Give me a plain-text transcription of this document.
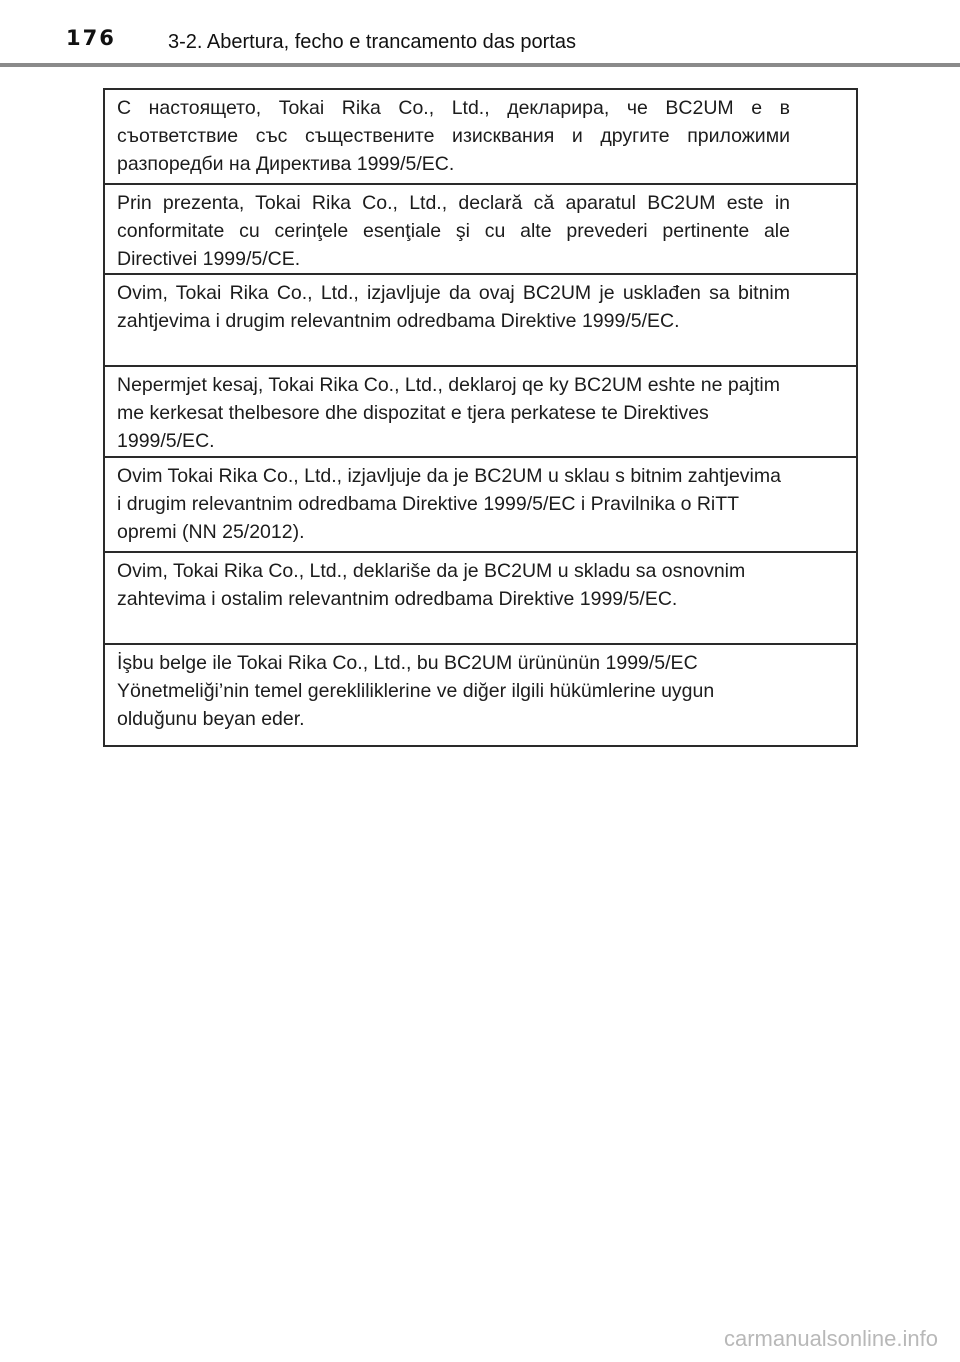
176	3-2. Abertura, fecho e trancamento das portas
С настоящето, Tokai Rika Co., Ltd., декларира, че BC2UM е в съответствие със съществените изисквания и другите приложими разпоредби на Директива 1999/5/EC.
Prin prezenta, Tokai Rika Co., Ltd., declară că aparatul BC2UM este in conformitate cu cerinţele esenţiale şi cu alte prevederi pertinente ale Directivei 1999/5/CE.
Ovim, Tokai Rika Co., Ltd., izjavljuje da ovaj BC2UM je usklađen sa bitnim zahtjevima i drugim relevantnim odredbama Direktive 1999/5/EC.
Nepermjet kesaj, Tokai Rika Co., Ltd., deklaroj qe ky BC2UM eshte ne pajtim me kerkesat thelbesore dhe dispozitat e tjera perkatese te Direktives 1999/5/EC.
Ovim Tokai Rika Co., Ltd., izjavljuje da je BC2UM u sklau s bitnim zahtjevima i drugim relevantnim odredbama Direktive 1999/5/EC i Pravilnika o RiTT opremi (NN 25/2012).
Ovim, Tokai Rika Co., Ltd., deklariše da je BC2UM u skladu sa osnovnim zahtevima i ostalim relevantnim odredbama Direktive 1999/5/EC.
İşbu belge ile Tokai Rika Co., Ltd., bu BC2UM ürününün 1999/5/EC Yönetmeliği’nin temel gerekliliklerine ve diğer ilgili hükümlerine uygun olduğunu beyan eder.
carmanualsonline.info
